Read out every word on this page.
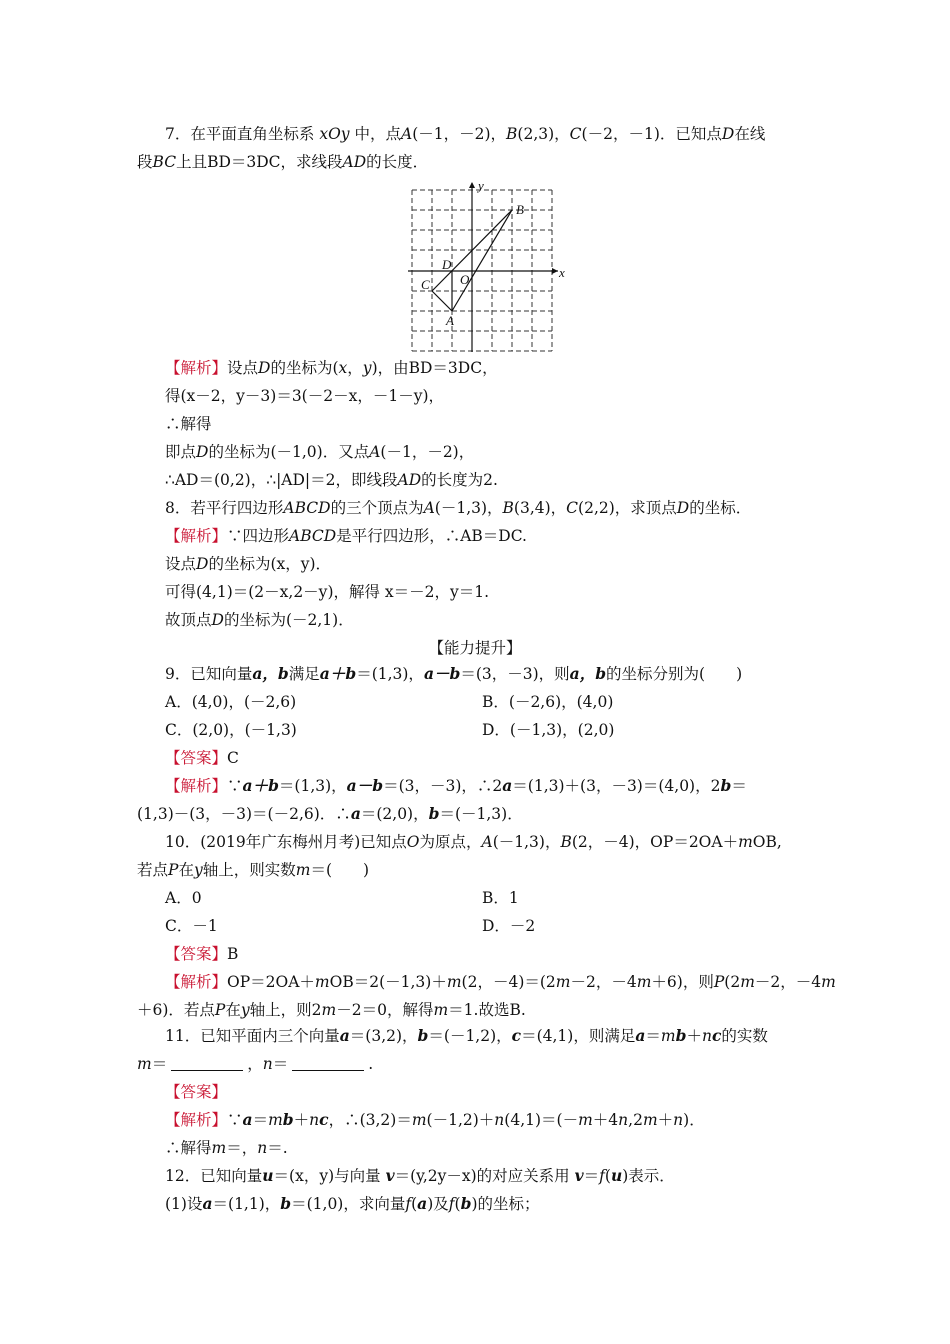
7．在平面直角坐标系 xOy 中，点A(－1，－2)，B(2,3)，C(－2，－1)．已知点D在线
段BC上且BD＝3DC，求线段AD的长度．
x
y
O
A
B
C
D
【解析】设点D的坐标为(x，y)，由BD＝3DC，
得(x－2，y－3)＝3(－2－x，－1－y)，
∴解得
即点D的坐标为(－1,0)．又点A(－1，－2)，
∴AD＝(0,2)，∴|AD|＝2，即线段AD的长度为2.
8．若平行四边形ABCD的三个顶点为A(－1,3)，B(3,4)，C(2,2)，求顶点D的坐标．
【解析】∵四边形ABCD是平行四边形，∴AB＝DC.
设点D的坐标为(x，y)．
可得(4,1)＝(2－x,2－y)，解得 x＝－2，y＝1.
故顶点D的坐标为(－2,1)．
【能力提升】
9．已知向量a，b满足a＋b＝(1,3)，a－b＝(3，－3)，则a，b的坐标分别为(　　)
A．(4,0)，(－2,6)	B．(－2,6)，(4,0)
C．(2,0)，(－1,3)	D．(－1,3)，(2,0)
【答案】C
【解析】∵a＋b＝(1,3)，a－b＝(3，－3)，∴2a＝(1,3)＋(3，－3)＝(4,0)，2b＝
(1,3)－(3，－3)＝(－2,6)．∴a＝(2,0)，b＝(－1,3)．
10．(2019年广东梅州月考)已知点O为原点，A(－1,3)，B(2，－4)，OP＝2OA＋mOB,
若点P在y轴上，则实数m＝(　　)
A．0	B．1
C．－1	D．－2
【答案】B
【解析】OP＝2OA＋mOB＝2(－1,3)＋m(2，－4)＝(2m－2，－4m＋6)，则P(2m－2，－4m
＋6)．若点P在y轴上，则2m－2＝0，解得m＝1.故选B.
11．已知平面内三个向量a＝(3,2)，b＝(－1,2)，c＝(4,1)，则满足a＝mb＋nc的实数
m＝	，n＝	.
【答案】
【解析】∵a＝mb＋nc，∴(3,2)＝m(－1,2)＋n(4,1)＝(－m＋4n,2m＋n)．
∴解得m＝，n＝.
12．已知向量u＝(x，y)与向量 v＝(y,2y－x)的对应关系用 v＝f(u)表示．
(1)设a＝(1,1)，b＝(1,0)，求向量f(a)及f(b)的坐标；
